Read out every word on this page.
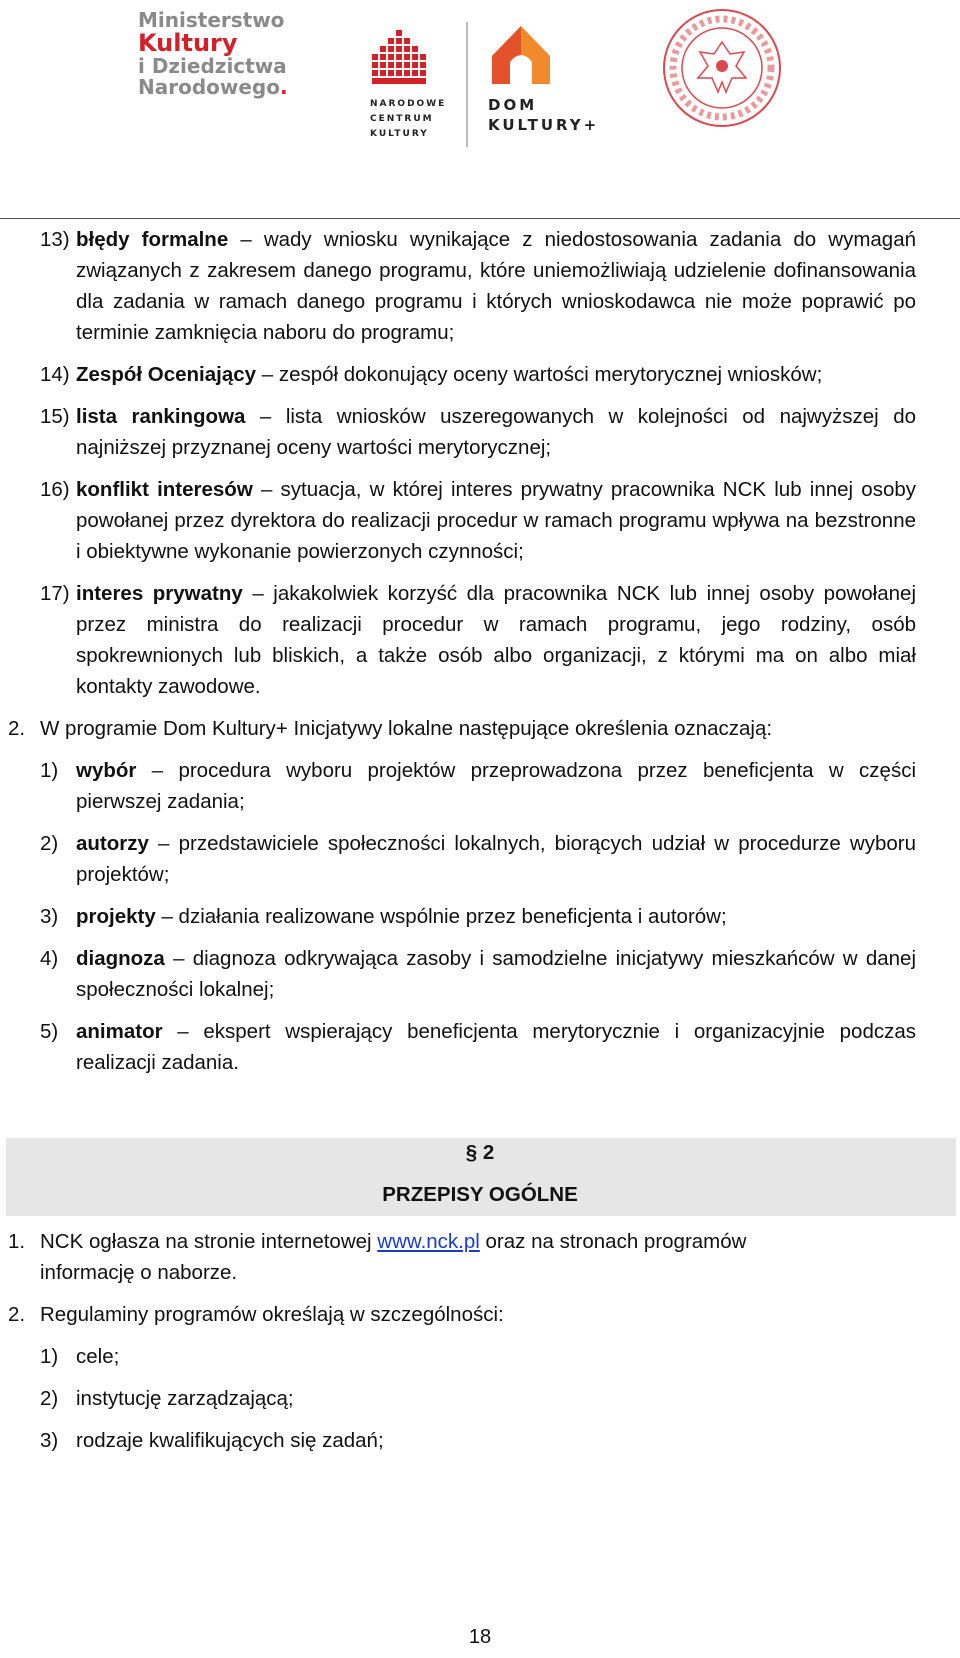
Ministerstwo
Kultury
i Dziedzictwa
Narodowego.
NARODOWE
CENTRUM
KULTURY
DOM
KULTURY+
13) błędy formalne – wady wniosku wynikające z niedostosowania zadania do wymagań związanych z zakresem danego programu, które uniemożliwiają udzielenie dofinansowania dla zadania w ramach danego programu i których wnioskodawca nie może poprawić po terminie zamknięcia naboru do programu;
14) Zespół Oceniający – zespół dokonujący oceny wartości merytorycznej wniosków;
15) lista rankingowa – lista wniosków uszeregowanych w kolejności od najwyższej do najniższej przyznanej oceny wartości merytorycznej;
16) konflikt interesów – sytuacja, w której interes prywatny pracownika NCK lub innej osoby powołanej przez dyrektora do realizacji procedur w ramach programu wpływa na bezstronne i obiektywne wykonanie powierzonych czynności;
17) interes prywatny – jakakolwiek korzyść dla pracownika NCK lub innej osoby powołanej przez ministra do realizacji procedur w ramach programu, jego rodziny, osób spokrewnionych lub bliskich, a także osób albo organizacji, z którymi ma on albo miał kontakty zawodowe.
2. W programie Dom Kultury+ Inicjatywy lokalne następujące określenia oznaczają:
1) wybór – procedura wyboru projektów przeprowadzona przez beneficjenta w części pierwszej zadania;
2) autorzy – przedstawiciele społeczności lokalnych, biorących udział w procedurze wyboru projektów;
3) projekty – działania realizowane wspólnie przez beneficjenta i autorów;
4) diagnoza – diagnoza odkrywająca zasoby i samodzielne inicjatywy mieszkańców w danej społeczności lokalnej;
5) animator – ekspert wspierający beneficjenta merytorycznie i organizacyjnie podczas realizacji zadania.
§ 2
PRZEPISY OGÓLNE
1. NCK ogłasza na stronie internetowej www.nck.pl oraz na stronach programów informację o naborze.
2. Regulaminy programów określają w szczególności:
1) cele;
2) instytucję zarządzającą;
3) rodzaje kwalifikujących się zadań;
18
